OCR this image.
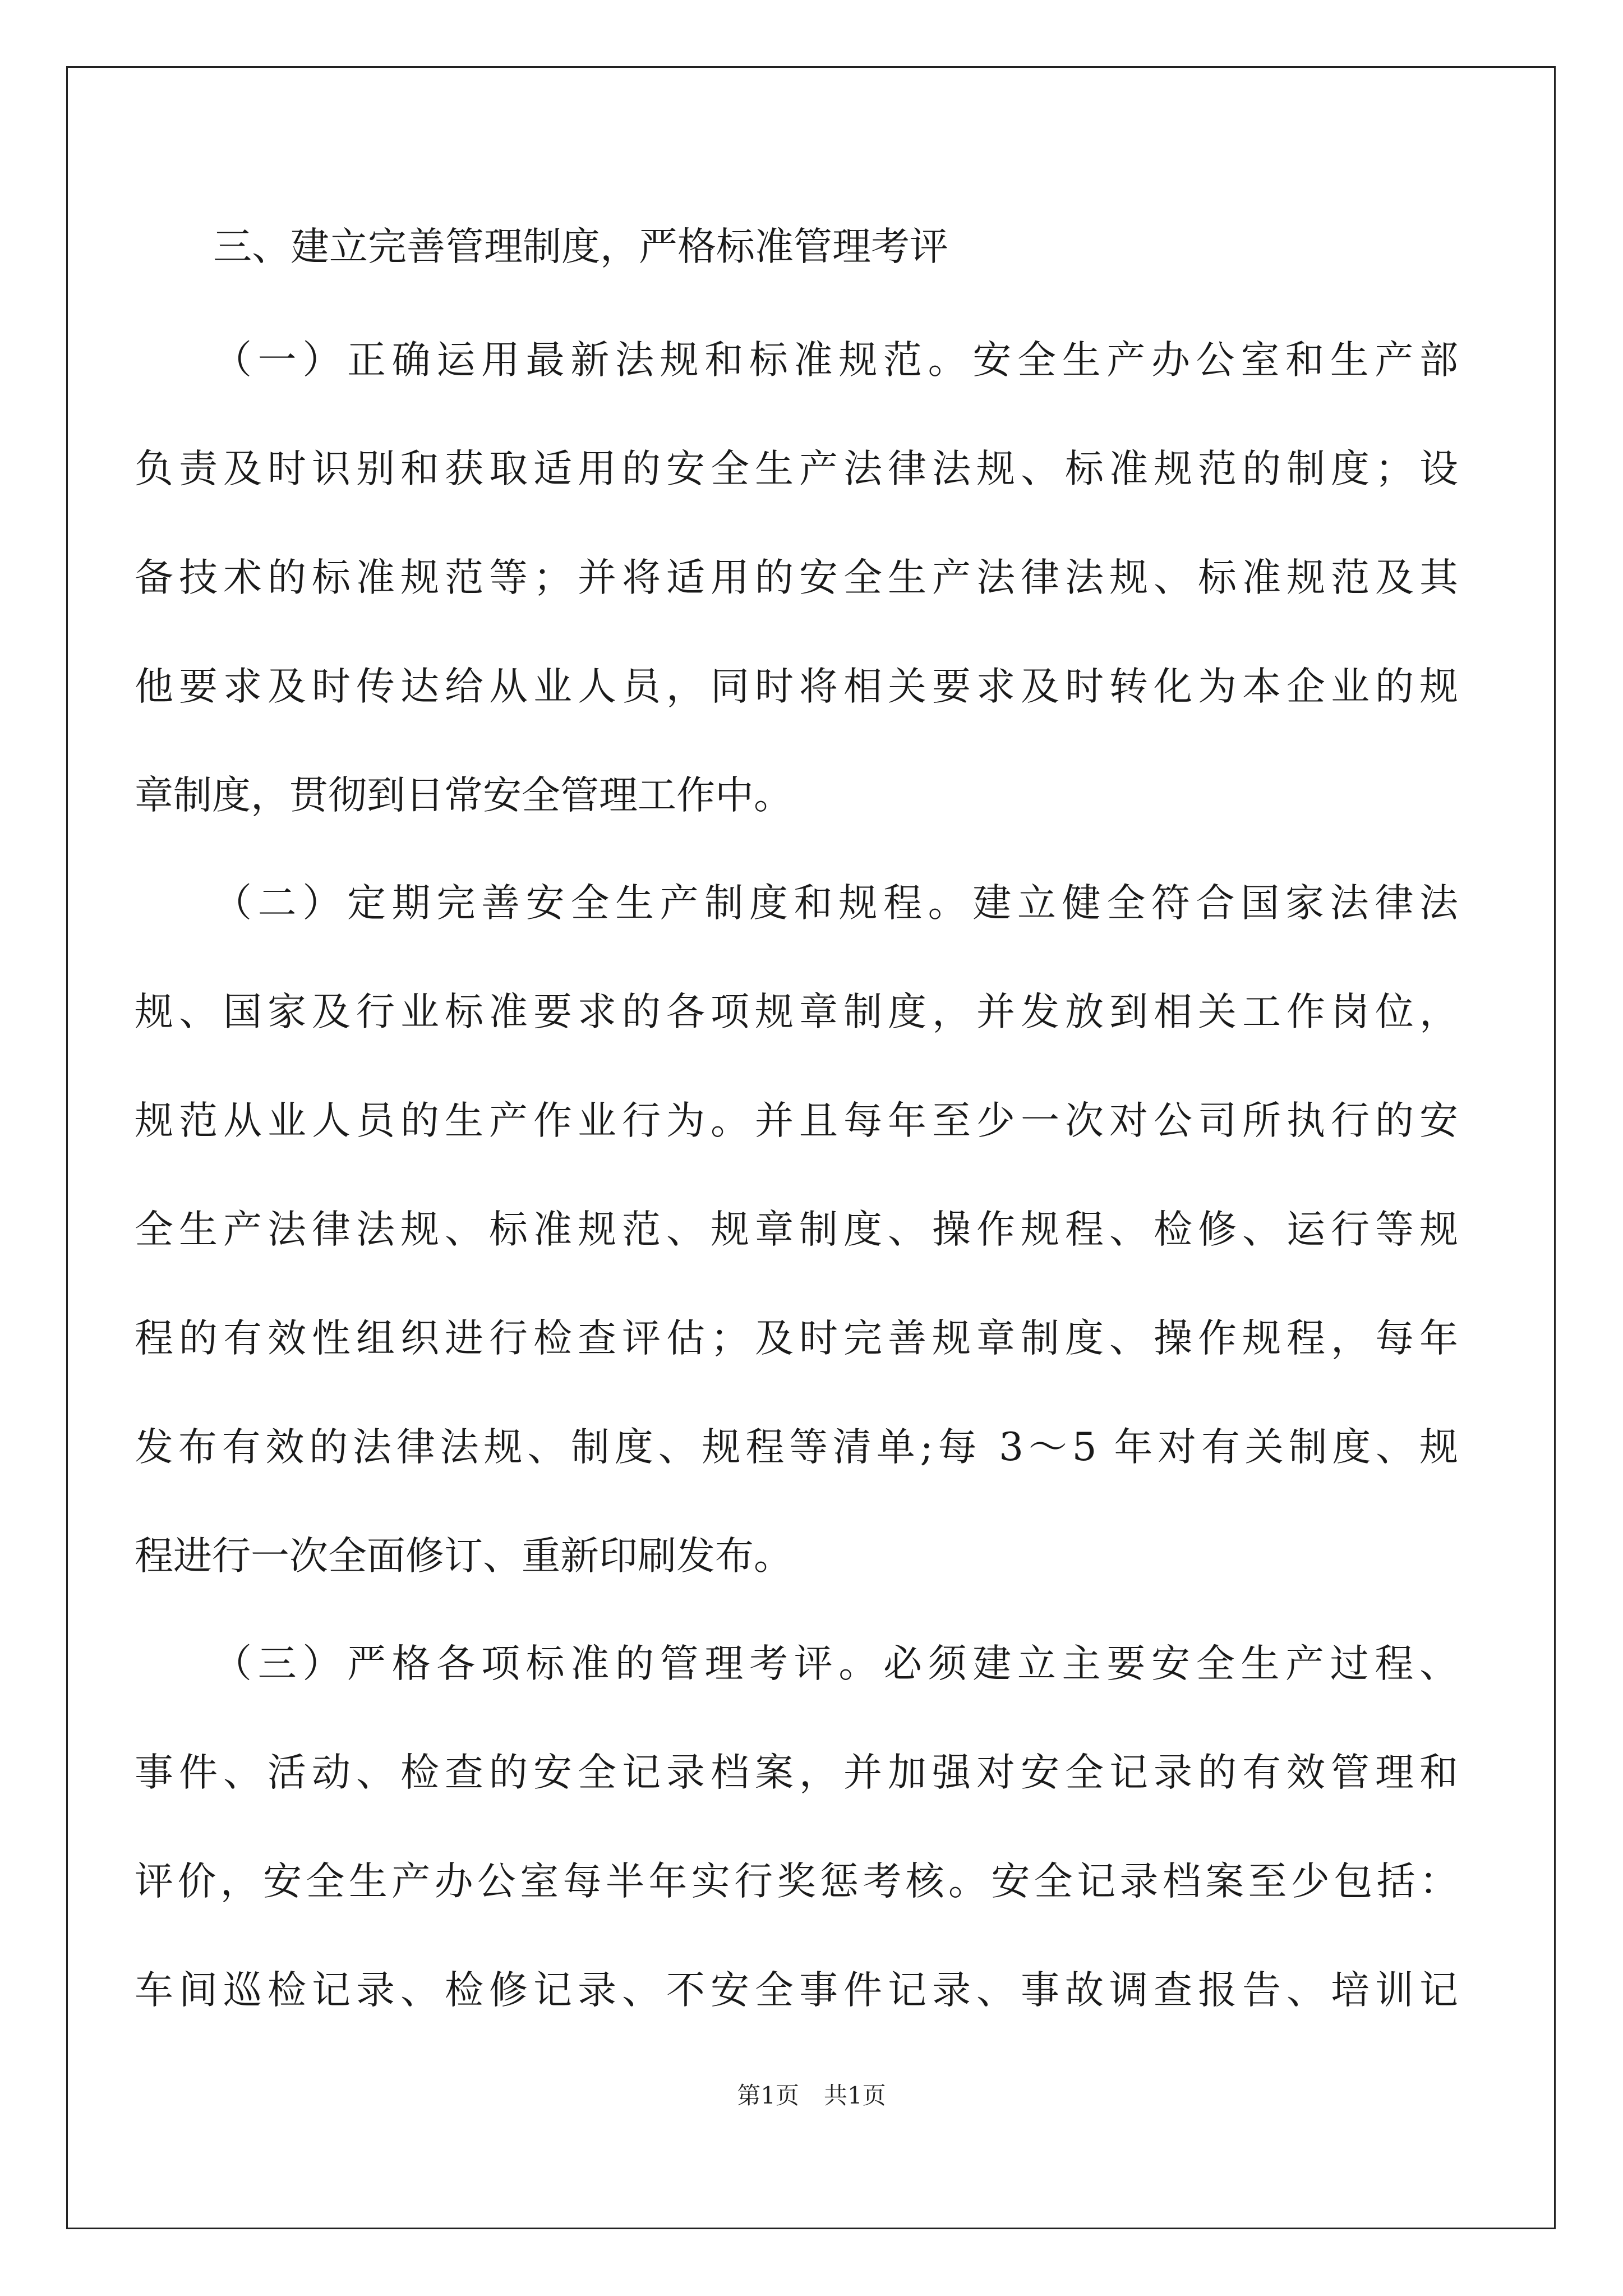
三、建立完善管理制度，严格标准管理考评
（一）正确运用最新法规和标准规范。安全生产办公室和生产部
负责及时识别和获取适用的安全生产法律法规、标准规范的制度；设
备技术的标准规范等；并将适用的安全生产法律法规、标准规范及其
他要求及时传达给从业人员，同时将相关要求及时转化为本企业的规
章制度，贯彻到日常安全管理工作中。
（二）定期完善安全生产制度和规程。建立健全符合国家法律法
规、国家及行业标准要求的各项规章制度，并发放到相关工作岗位，
规范从业人员的生产作业行为。并且每年至少一次对公司所执行的安
全生产法律法规、标准规范、规章制度、操作规程、检修、运行等规
程的有效性组织进行检查评估；及时完善规章制度、操作规程，每年
发布有效的法律法规、制度、规程等清单;每 3～5 年对有关制度、规
程进行一次全面修订、重新印刷发布。
（三）严格各项标准的管理考评。必须建立主要安全生产过程、
事件、活动、检查的安全记录档案，并加强对安全记录的有效管理和
评价，安全生产办公室每半年实行奖惩考核。安全记录档案至少包括：
车间巡检记录、检修记录、不安全事件记录、事故调查报告、培训记
第1页 共1页
